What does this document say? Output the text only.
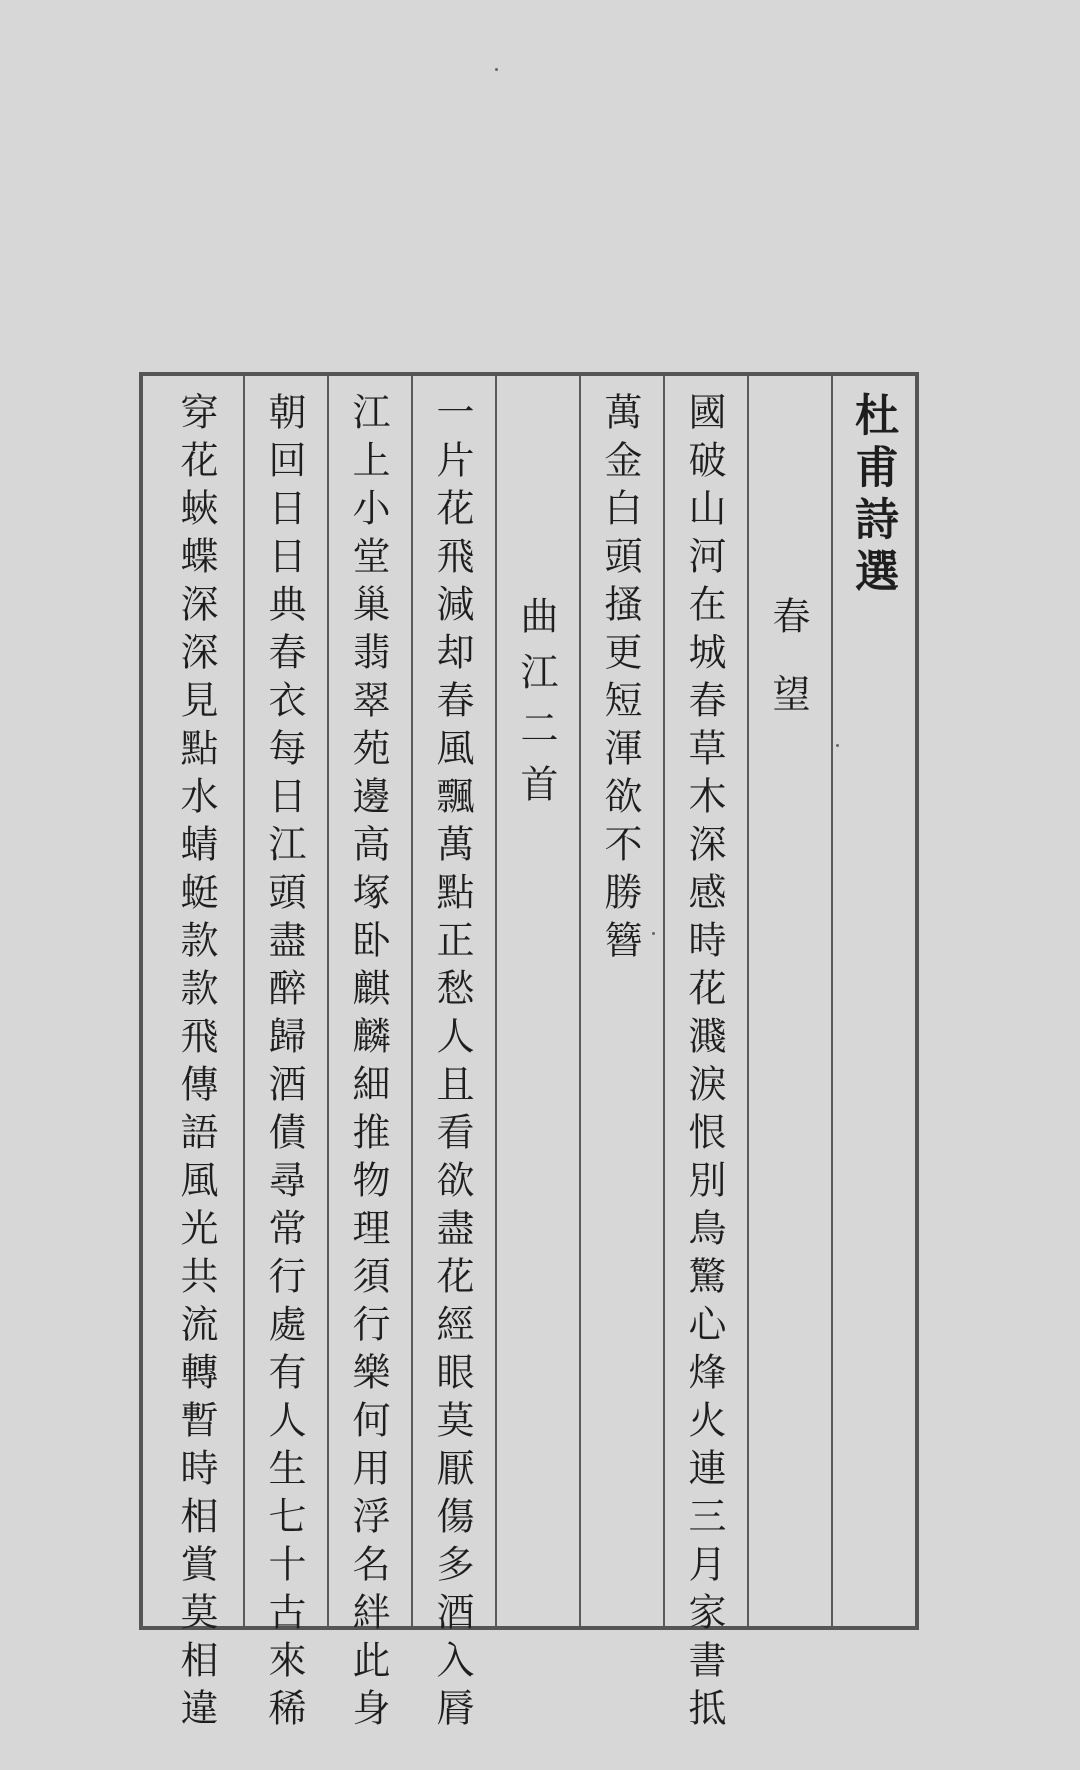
杜甫詩選
春望
國破山河在城春草木深感時花濺淚恨別鳥驚心烽火連三月家書抵
萬金白頭搔更短渾欲不勝簪
曲江二首
一片花飛減却春風飄萬點正愁人且看欲盡花經眼莫厭傷多酒入脣
江上小堂巢翡翠苑邊高塚卧麒麟細推物理須行樂何用浮名絆此身
朝回日日典春衣每日江頭盡醉歸酒債尋常行處有人生七十古來稀
穿花蛺蝶深深見點水蜻蜓款款飛傳語風光共流轉暫時相賞莫相違
